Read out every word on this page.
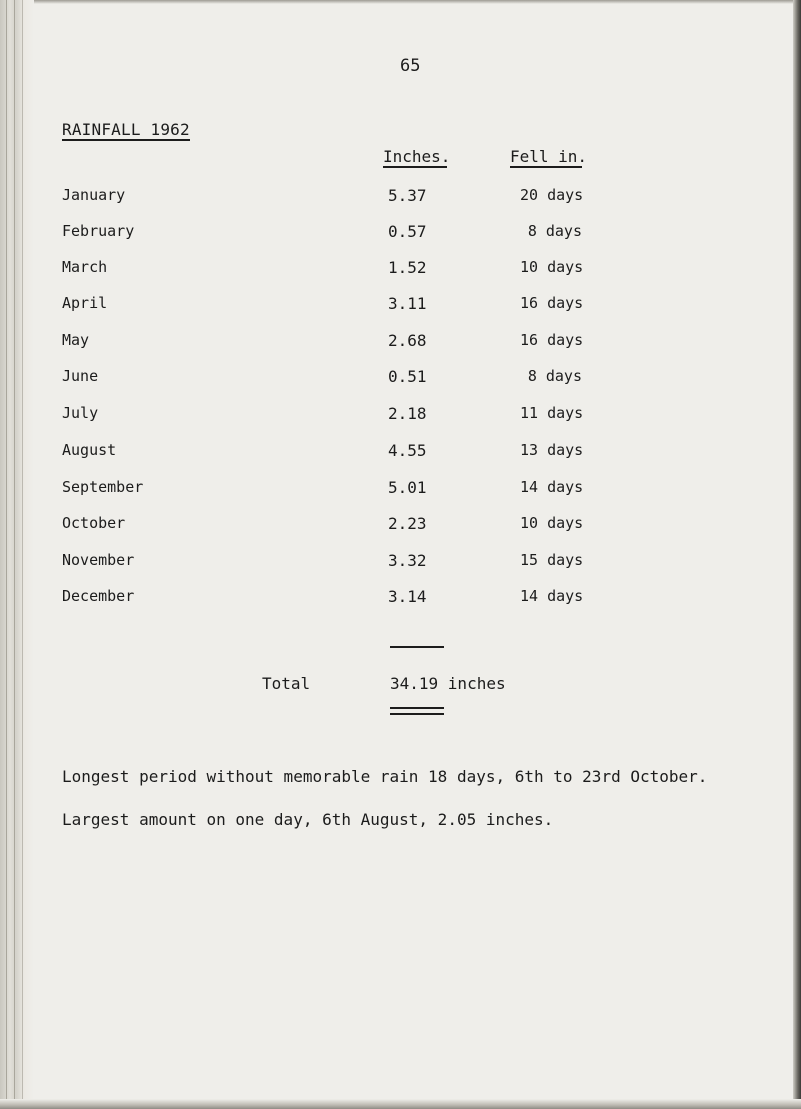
65
RAINFALL 1962
Inches.	Fell in.
January	5.37	20 days
February	0.57	8 days
March	1.52	10 days
April	3.11	16 days
May	2.68	16 days
June	0.51	8 days
July	2.18	11 days
August	4.55	13 days
September	5.01	14 days
October	2.23	10 days
November	3.32	15 days
December	3.14	14 days
Total	34.19 inches
Longest period without memorable rain 18 days, 6th to 23rd October.
Largest amount on one day, 6th August, 2.05 inches.
